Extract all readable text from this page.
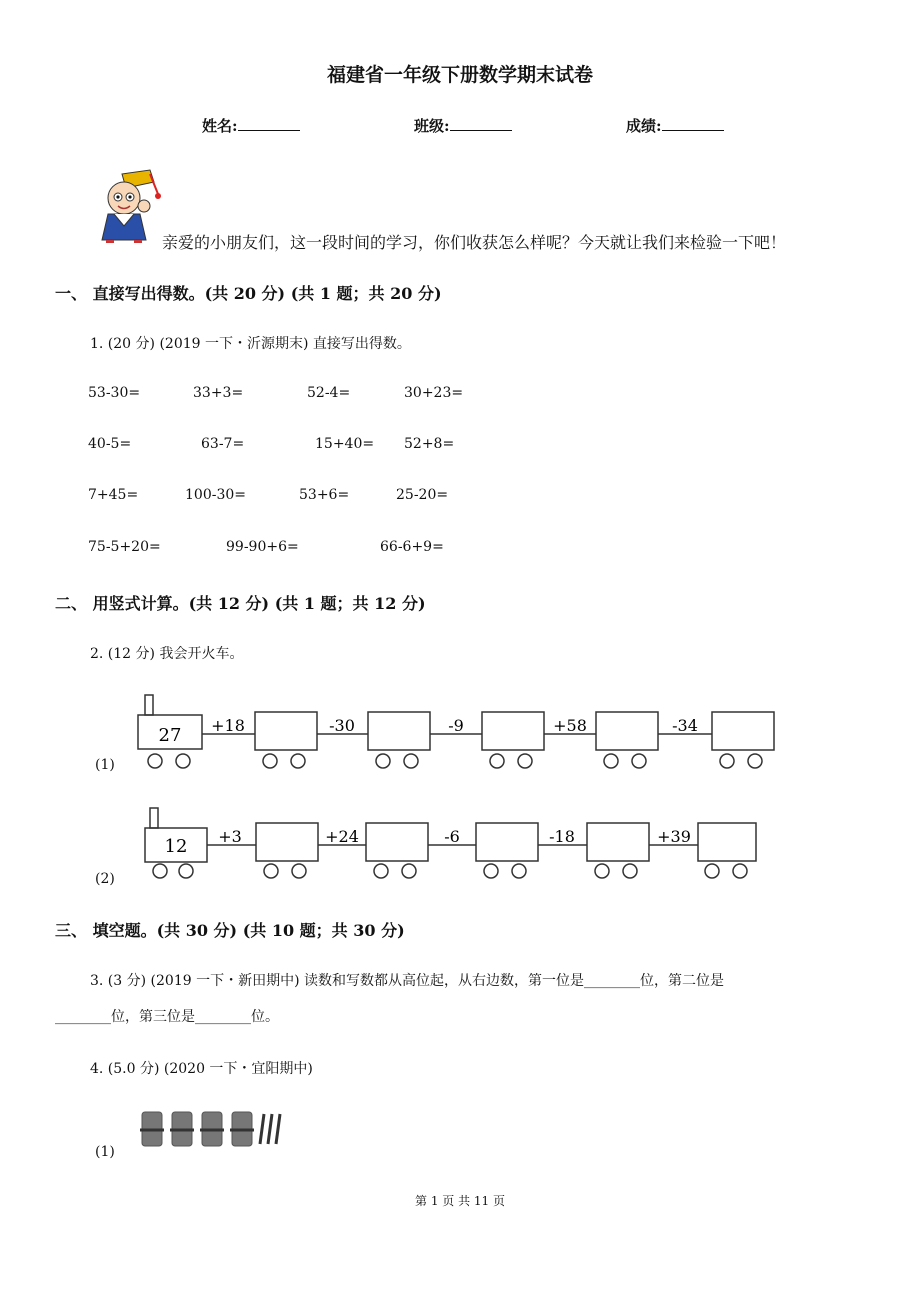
福建省一年级下册数学期末试卷
姓名:	班级:	成绩:
亲爱的小朋友们，这一段时间的学习，你们收获怎么样呢？今天就让我们来检验一下吧！
一、 直接写出得数。(共 20 分) (共 1 题；共 20 分)
1. (20 分) (2019 一下・沂源期末) 直接写出得数。
53-30=	33+3=	52-4=	30+23=
40-5=	63-7=	15+40= 52+8=
7+45=	100-30=	53+6=	25-20=
75-5+20=	99-90+6=	66-6+9=
二、 用竖式计算。(共 12 分) (共 1 题；共 12 分)
2. (12 分) 我会开火车。
(1)
27 +18	-30	-9	+58	-34
(2)
12 +3	+24	-6	-18	+39
三、 填空题。(共 30 分) (共 10 题；共 30 分)
3. (3 分) (2019 一下・新田期中) 读数和写数都从高位起，从右边数，第一位是________位，第二位是
________位，第三位是________位。
4. (5.0 分) (2020 一下・宜阳期中)
(1)
第 1 页 共 11 页
